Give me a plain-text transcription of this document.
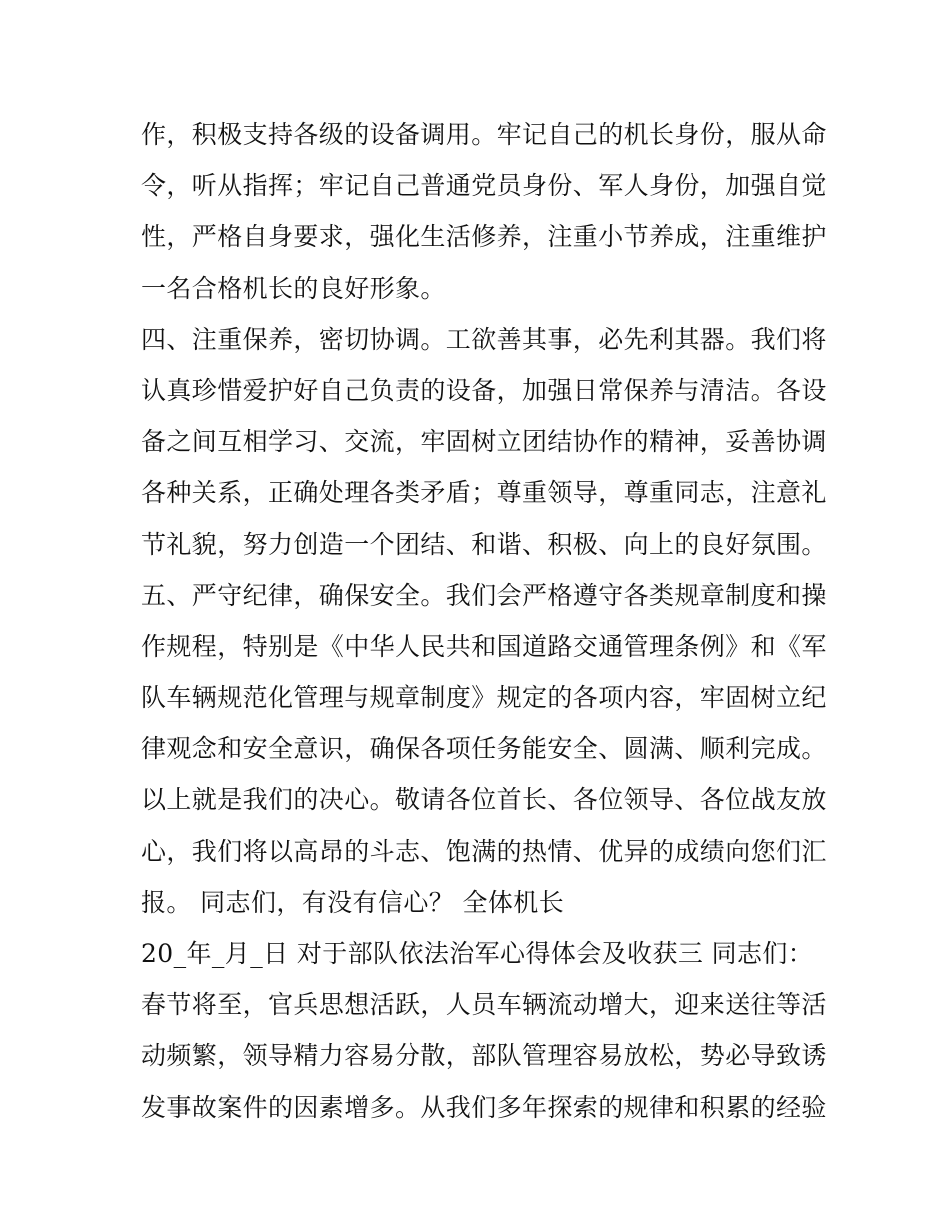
作，积极支持各级的设备调用。牢记自己的机长身份，服从命
令，听从指挥；牢记自己普通党员身份、军人身份，加强自觉
性，严格自身要求，强化生活修养，注重小节养成，注重维护
一名合格机长的良好形象。
四、注重保养，密切协调。工欲善其事，必先利其器。我们将
认真珍惜爱护好自己负责的设备，加强日常保养与清洁。各设
备之间互相学习、交流，牢固树立团结协作的精神，妥善协调
各种关系，正确处理各类矛盾；尊重领导，尊重同志，注意礼
节礼貌，努力创造一个团结、和谐、积极、向上的良好氛围。
五、严守纪律，确保安全。我们会严格遵守各类规章制度和操
作规程，特别是《中华人民共和国道路交通管理条例》和《军
队车辆规范化管理与规章制度》规定的各项内容，牢固树立纪
律观念和安全意识，确保各项任务能安全、圆满、顺利完成。
以上就是我们的决心。敬请各位首长、各位领导、各位战友放
心，我们将以高昂的斗志、饱满的热情、优异的成绩向您们汇
报。 同志们，有没有信心？ 全体机长
20_年_月_日 对于部队依法治军心得体会及收获三 同志们：
春节将至，官兵思想活跃，人员车辆流动增大，迎来送往等活
动频繁，领导精力容易分散，部队管理容易放松，势必导致诱
发事故案件的因素增多。从我们多年探索的规律和积累的经验
